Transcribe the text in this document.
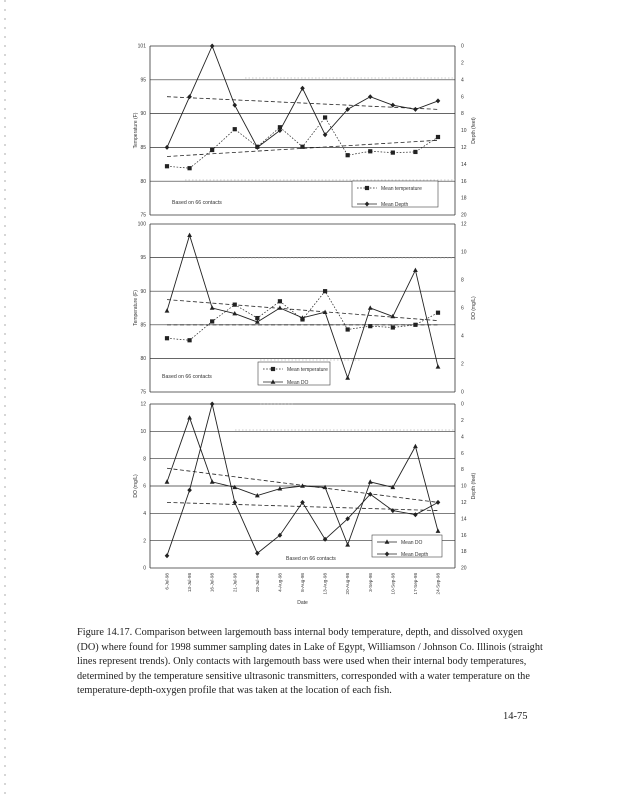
75
80
85
90
95
101	0
2
4
6
8
10
12
14
16
18
20
Temperature (F)	Depth (feet)
Mean temperature
Mean Depth
Based on 66 contacts
75
80
85
90
95
100
0
2
4
6
8
10
12
Temperature (F)	DO (mg/L)
Mean temperature
Mean DO
Based on 66 contacts
0
2
4
6
8
10
12	0
2
4
6
8
10
12
14
16
18
20
DO (mg/L)	Depth (feet)
Mean DO
Mean Depth
Based on 66 contacts
6-Jul-98	13-Jul-98	16-Jul-98	21-Jul-98	28-Jul-98	4-Aug-98	8-Aug-98	13-Aug-98	20-Aug-98	3-Sep-98	10-Sep-98	17-Sep-98	24-Sep-98
Date

Figure 14.17. Comparison between largemouth bass internal body temperature, depth, and dissolved oxygen (DO) where found for 1998 summer sampling dates in Lake of Egypt, Williamson / Johnson Co. Illinois (straight lines represent trends). Only contacts with largemouth bass were used when their internal body temperatures, determined by the temperature sensitive ultrasonic transmitters, corresponded with a water temperature on the temperature-depth-oxygen profile that was taken at the location of each fish.

14-75
